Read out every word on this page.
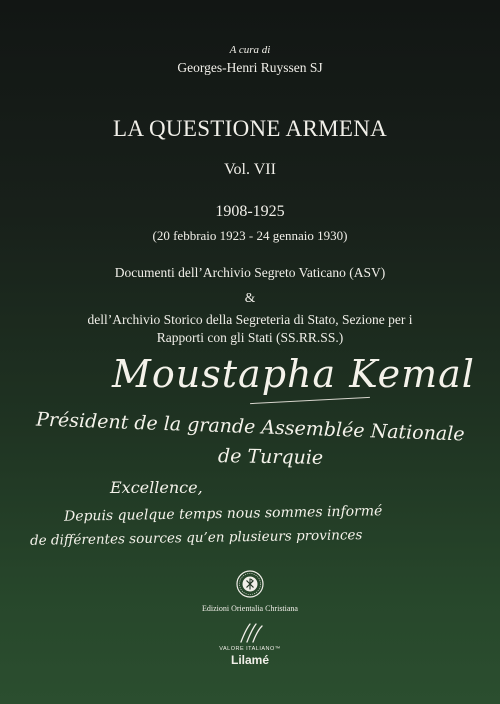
A cura di

Georges-Henri Ruyssen SJ

LA QUESTIONE ARMENA

Vol. VII

1908-1925

(20 febbraio 1923 - 24 gennaio 1930)

Documenti dell’Archivio Segreto Vaticano (ASV)

&

dell’Archivio Storico della Segreteria di Stato, Sezione per i

Rapporti con gli Stati (SS.RR.SS.)

Moustapha Kemal
Président de la grande Assemblée Nationale
de Turquie
Excellence,
Depuis quelque temps nous sommes informé
de différentes sources qu’en plusieurs provinces

Edizioni Orientalia Christiana

VALORE ITALIANO™

Lilamé
